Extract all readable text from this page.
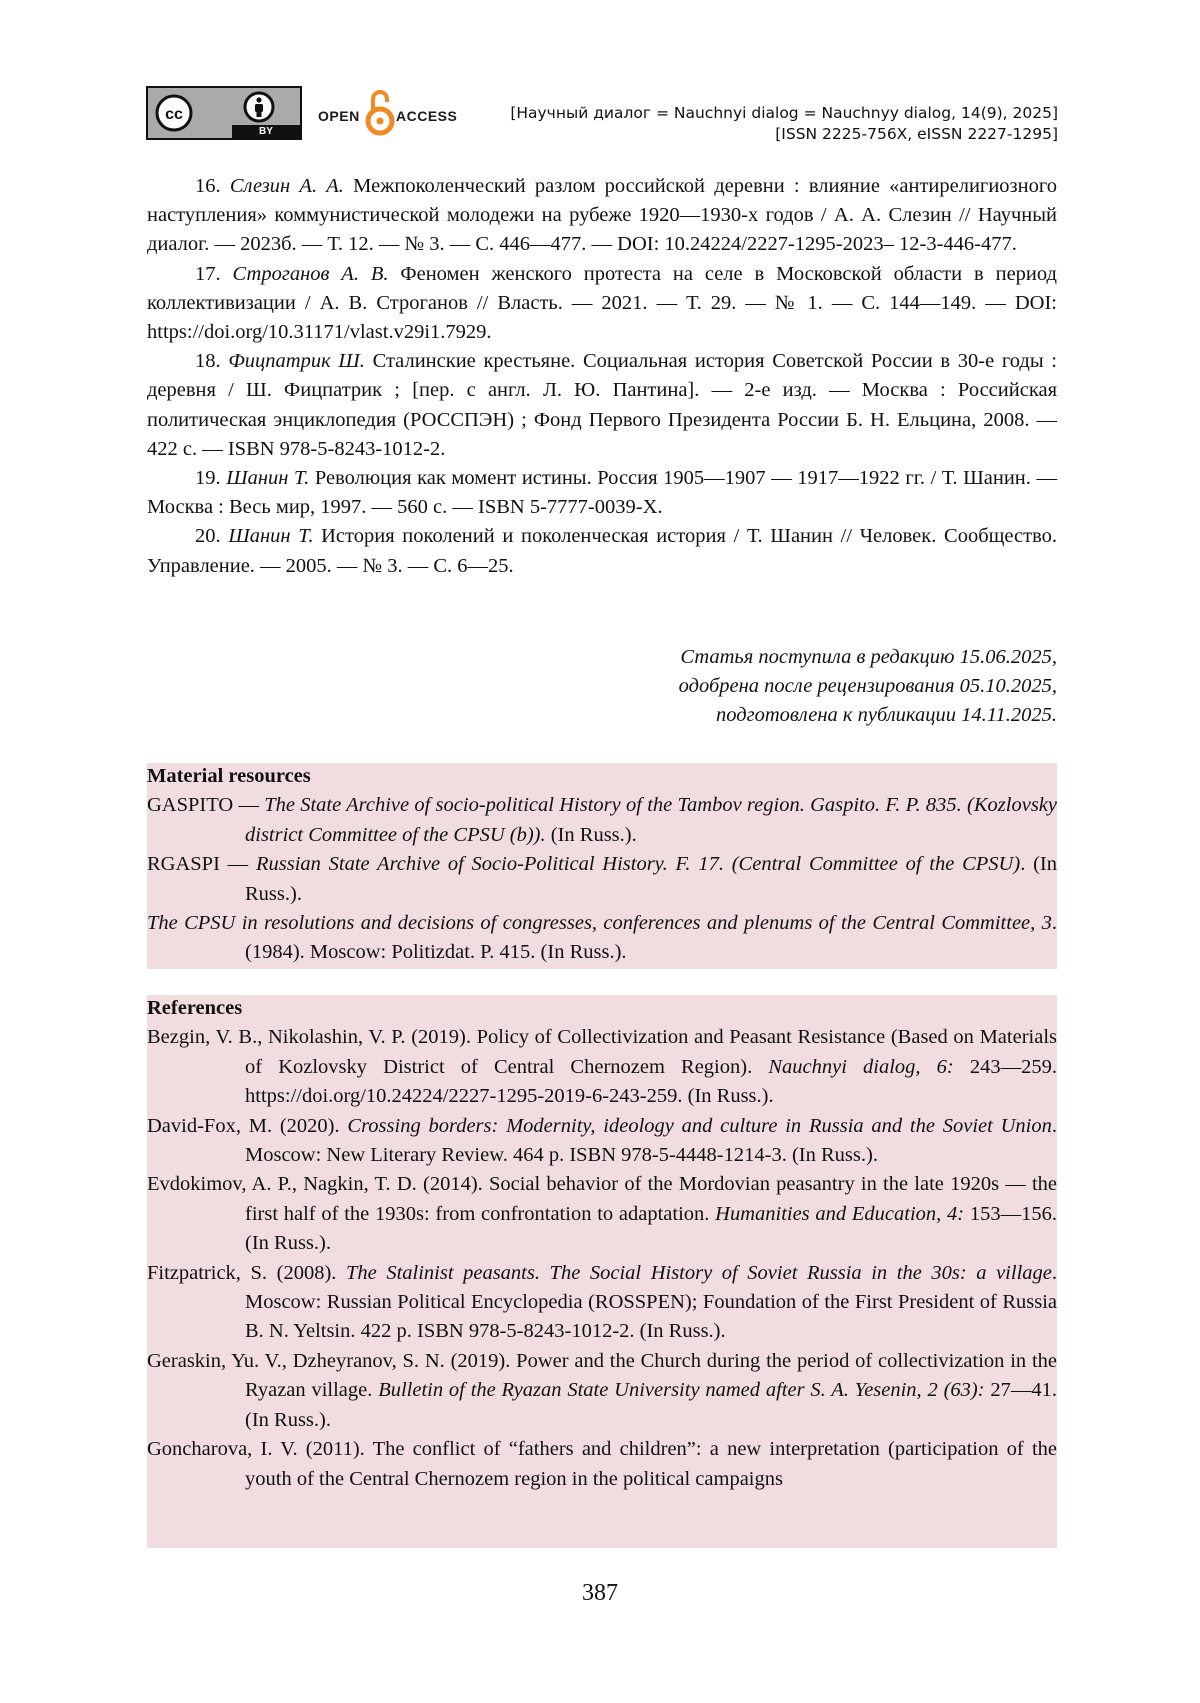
cc
BY
OPEN	ACCESS	[Научный диалог = Nauchnyi dialog = Nauchnyy dialog, 14(9), 2025]
[ISSN 2225-756X, eISSN 2227-1295]

16. Слезин А. А. Межпоколенческий разлом российской деревни : влияние «антирелигиозного наступления» коммунистической молодежи на рубеже 1920—1930-х годов / А. А. Слезин // Научный диалог. — 2023б. — Т. 12. — № 3. — С. 446—477. — DOI: 10.24224/2227-1295-2023– 12-3-446-477.

17. Строганов А. В. Феномен женского протеста на селе в Московской области в период коллективизации / А. В. Строганов // Власть. — 2021. — Т. 29. — № 1. — С. 144—149. — DOI: https://doi.org/10.31171/vlast.v29i1.7929.

18. Фицпатрик Ш. Сталинские крестьяне. Социальная история Советской России в 30-е годы : деревня / Ш. Фицпатрик ; [пер. с англ. Л. Ю. Пантина]. — 2-е изд. — Москва : Российская политическая энциклопедия (РОССПЭН) ; Фонд Первого Президента России Б. Н. Ельцина, 2008. — 422 с. — ISBN 978-5-8243-1012-2.

19. Шанин Т. Революция как момент истины. Россия 1905—1907 — 1917—1922 гг. / Т. Шанин. — Москва : Весь мир, 1997. — 560 с. — ISBN 5-7777-0039-X.

20. Шанин Т. История поколений и поколенческая история / Т. Шанин // Человек. Сообщество. Управление. — 2005. — № 3. — С. 6—25.

Статья поступила в редакцию 15.06.2025,
одобрена после рецензирования 05.10.2025,
подготовлена к публикации 14.11.2025.

Material resources

GASPITO — The State Archive of socio-political History of the Tambov region. Gaspito. F. P. 835. (Kozlovsky district Committee of the CPSU (b)). (In Russ.).

RGASPI — Russian State Archive of Socio-Political History. F. 17. (Central Committee of the CPSU). (In Russ.).

The CPSU in resolutions and decisions of congresses, conferences and plenums of the Central Committee, 3. (1984). Moscow: Politizdat. P. 415. (In Russ.).

References

Bezgin, V. B., Nikolashin, V. P. (2019). Policy of Collectivization and Peasant Resistance (Based on Materials of Kozlovsky District of Central Chernozem Region). Nauchnyi dialog, 6: 243—259. https://doi.org/10.24224/2227-1295-2019-6-243-259. (In Russ.).

David-Fox, M. (2020). Crossing borders: Modernity, ideology and culture in Russia and the Soviet Union. Moscow: New Literary Review. 464 p. ISBN 978-5-4448-1214-3. (In Russ.).

Evdokimov, A. P., Nagkin, T. D. (2014). Social behavior of the Mordovian peasantry in the late 1920s — the first half of the 1930s: from confrontation to adaptation. Humanities and Education, 4: 153—156. (In Russ.).

Fitzpatrick, S. (2008). The Stalinist peasants. The Social History of Soviet Russia in the 30s: a village. Moscow: Russian Political Encyclopedia (ROSSPEN); Foundation of the First President of Russia B. N. Yeltsin. 422 p. ISBN 978-5-8243-1012-2. (In Russ.).

Geraskin, Yu. V., Dzheyranov, S. N. (2019). Power and the Church during the period of collectivization in the Ryazan village. Bulletin of the Ryazan State University named after S. A. Yesenin, 2 (63): 27—41. (In Russ.).

Goncharova, I. V. (2011). The conflict of “fathers and children”: a new interpretation (participation of the youth of the Central Chernozem region in the political campaigns

387
